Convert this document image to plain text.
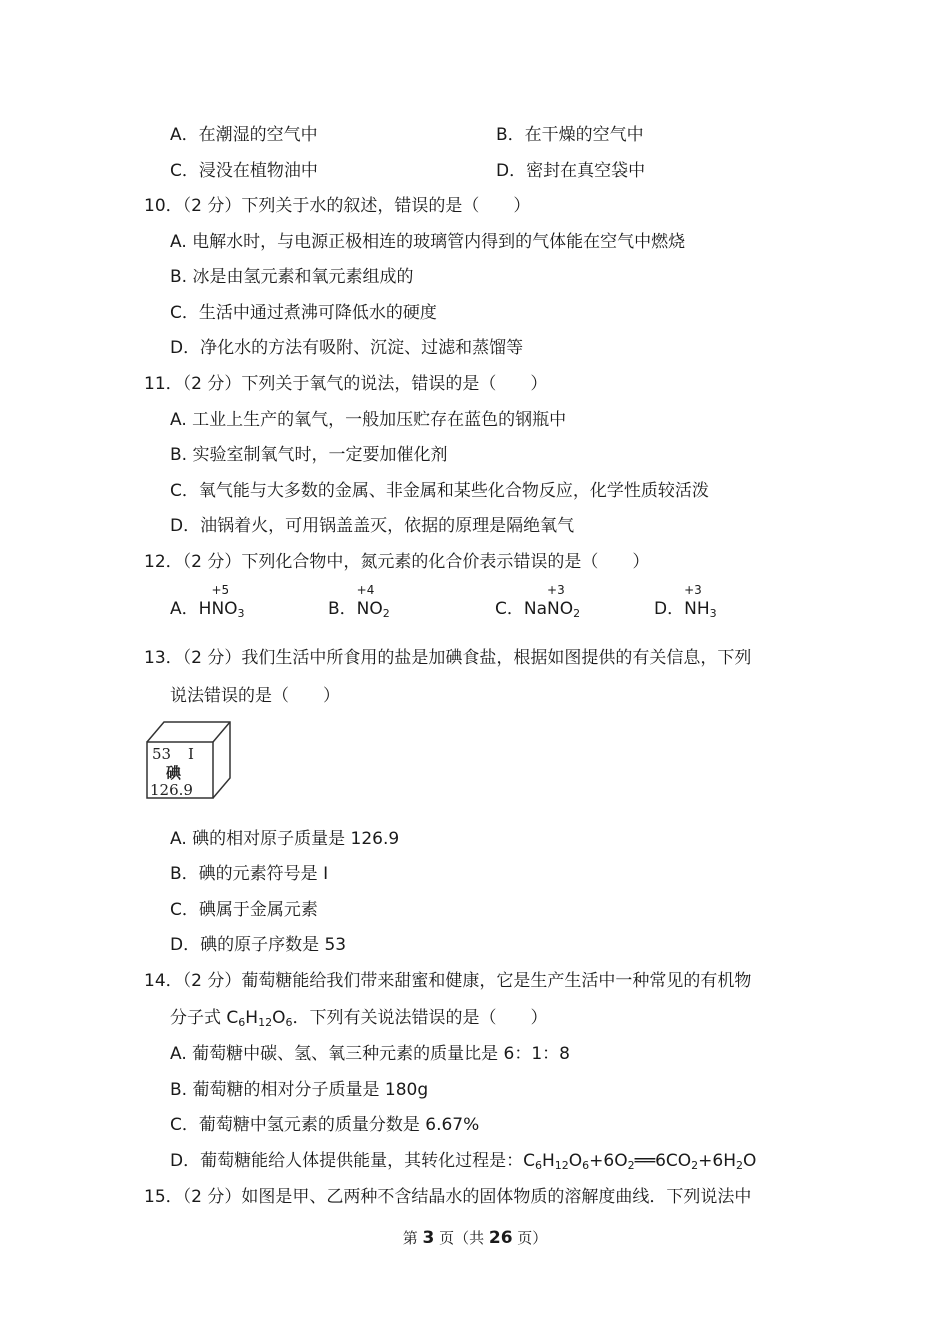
A．在潮湿的空气中	B．在干燥的空气中
C．浸没在植物油中	D．密封在真空袋中
10．（2 分）下列关于水的叙述，错误的是（　　）
A. 电解水时，与电源正极相连的玻璃管内得到的气体能在空气中燃烧
B. 冰是由氢元素和氧元素组成的
C．生活中通过煮沸可降低水的硬度
D．净化水的方法有吸附、沉淀、过滤和蒸馏等
11．（2 分）下列关于氧气的说法，错误的是（　　）
A. 工业上生产的氧气，一般加压贮存在蓝色的钢瓶中
B. 实验室制氧气时，一定要加催化剂
C．氧气能与大多数的金属、非金属和某些化合物反应，化学性质较活泼
D．油锅着火，可用锅盖盖灭，依据的原理是隔绝氧气
12．（2 分）下列化合物中，氮元素的化合价表示错误的是（　　）
A．H
+5
$NO_3$	B．
+4
$NO_2$	C．Na
+3
$NO_2$	D．
+3
$NH_3$
13．（2 分）我们生活中所食用的盐是加碘食盐，根据如图提供的有关信息，下列
说法错误的是（　　）
53 I
碘
126.9
A. 碘的相对原子质量是 126.9
B．碘的元素符号是 I
C．碘属于金属元素
D．碘的原子序数是 53
14．（2 分）葡萄糖能给我们带来甜蜜和健康，它是生产生活中一种常见的有机物
分子式 $C_6H_{12}O_6$．下列有关说法错误的是（　　）
A. 葡萄糖中碳、氢、氧三种元素的质量比是 6：1：8
B. 葡萄糖的相对分子质量是 180g
C．葡萄糖中氢元素的质量分数是 6.67%
D．葡萄糖能给人体提供能量，其转化过程是：$C_6H_{12}O_6+6O_2══6CO_2+6H_2O$
15．（2 分）如图是甲、乙两种不含结晶水的固体物质的溶解度曲线．下列说法中
第 3 页（共 26 页）
